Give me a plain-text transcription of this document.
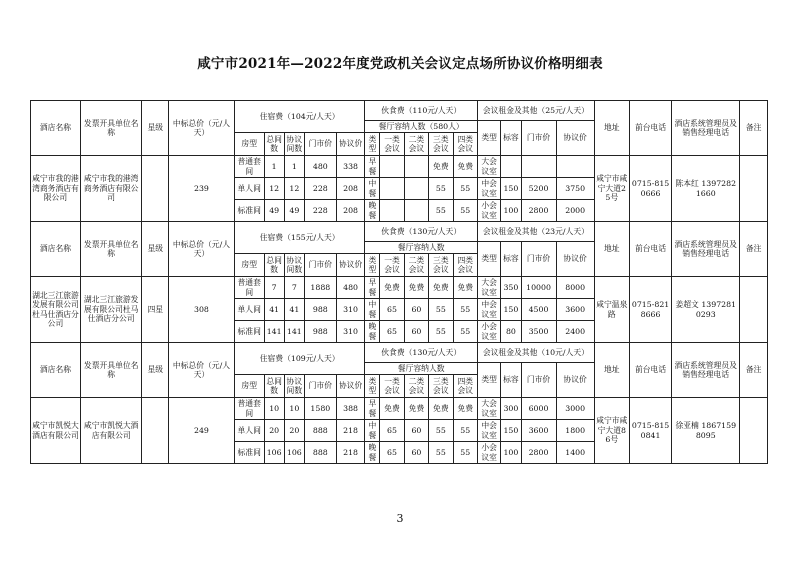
咸宁市2021年—2022年度党政机关会议定点场所协议价格明细表
酒店名称	发票开具单位名称	星级	中标总价（元/人天）	住宿费（104元/人天）					伙食费（110元/人天）					会议租金及其他（25元/人天）				地址	前台电话	酒店系统管理员及销售经理电话	备注
									餐厅容纳人数（580人）					类型	标容	门市价	协议价				
				房型	总间数	协议间数	门市价	协议价	类型	一类会议	二类会议	三类会议	四类会议								
咸宁市我的港湾商务酒店有限公司	咸宁市我的港湾商务酒店有限公司		239	普通套间	1	1	480	338	早餐			免费	免费	大会议室				咸宁市咸宁大道25号	0715-8150666	陈本红 13972821660	
				单人间	12	12	228	208	中餐			55	55	中会议室	150	5200	3750				
				标准间	49	49	228	208	晚餐			55	55	小会议室	100	2800	2000				
酒店名称	发票开具单位名称	星级	中标总价（元/人天）	住宿费（155元/人天）					伙食费（130元/人天）					会议租金及其他（23元/人天）				地址	前台电话	酒店系统管理员及销售经理电话	备注
									餐厅容纳人数					类型	标容	门市价	协议价				
				房型	总间数	协议间数	门市价	协议价	类型	一类会议	二类会议	三类会议	四类会议								
湖北三江旅游发展有限公司杜马仕酒店分公司	湖北三江旅游发展有限公司杜马仕酒店分公司	四星	308	普通套间	7	7	1888	480	早餐	免费	免费	免费	免费	大会议室	350	10000	8000	咸宁温泉路	0715-8218666	姜超文 13972810293	
				单人间	41	41	988	310	中餐	65	60	55	55	中会议室	150	4500	3600				
				标准间	141	141	988	310	晚餐	65	60	55	55	小会议室	80	3500	2400				
酒店名称	发票开具单位名称	星级	中标总价（元/人天）	住宿费（109元/人天）					伙食费（130元/人天）					会议租金及其他（10元/人天）				地址	前台电话	酒店系统管理员及销售经理电话	备注
									餐厅容纳人数					类型	标容	门市价	协议价				
				房型	总间数	协议间数	门市价	协议价	类型	一类会议	二类会议	三类会议	四类会议								
咸宁市凯悦大酒店有限公司	咸宁市凯悦大酒店有限公司		249	普通套间	10	10	1580	388	早餐	免费	免费	免费	免费	大会议室	300	6000	3000	咸宁市咸宁大道86号	0715-8150841	徐亚楠 18671598095	
				单人间	20	20	888	218	中餐	65	60	55	55	中会议室	150	3600	1800				
				标准间	106	106	888	218	晚餐	65	60	55	55	小会议室	100	2800	1400				
3
